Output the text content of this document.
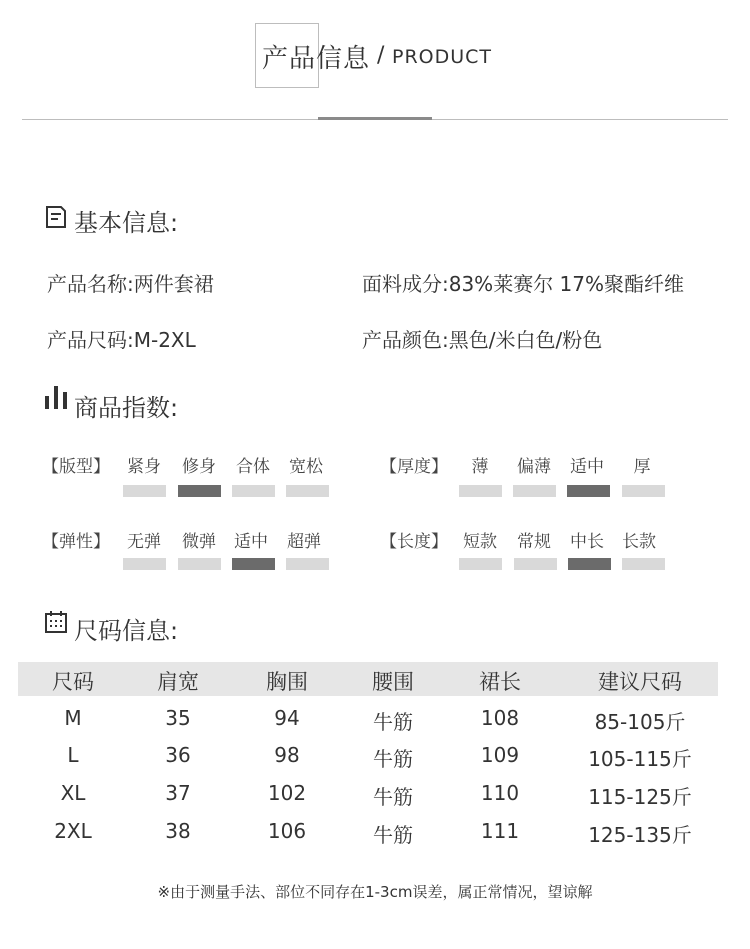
产品信息 / PRODUCT
基本信息:
产品名称:两件套裙	面料成分:83%莱赛尔 17%聚酯纤维
产品尺码:M-2XL	产品颜色:黑色/米白色/粉色
商品指数:
【版型】 紧身 修身 合体 宽松	【厚度】	薄	偏薄 适中	厚
【弹性】 无弹 微弹 适中 超弹	【长度】 短款 常规 中长 长款
尺码信息:
尺码	肩宽	胸围	腰围	裙长	建议尺码
M	35	94	牛筋	108	85-105斤
L	36	98	牛筋	109	105-115斤
XL	37	102	牛筋	110	115-125斤
2XL	38	106	牛筋	111	125-135斤
※由于测量手法、部位不同存在1-3cm误差，属正常情况，望谅解
